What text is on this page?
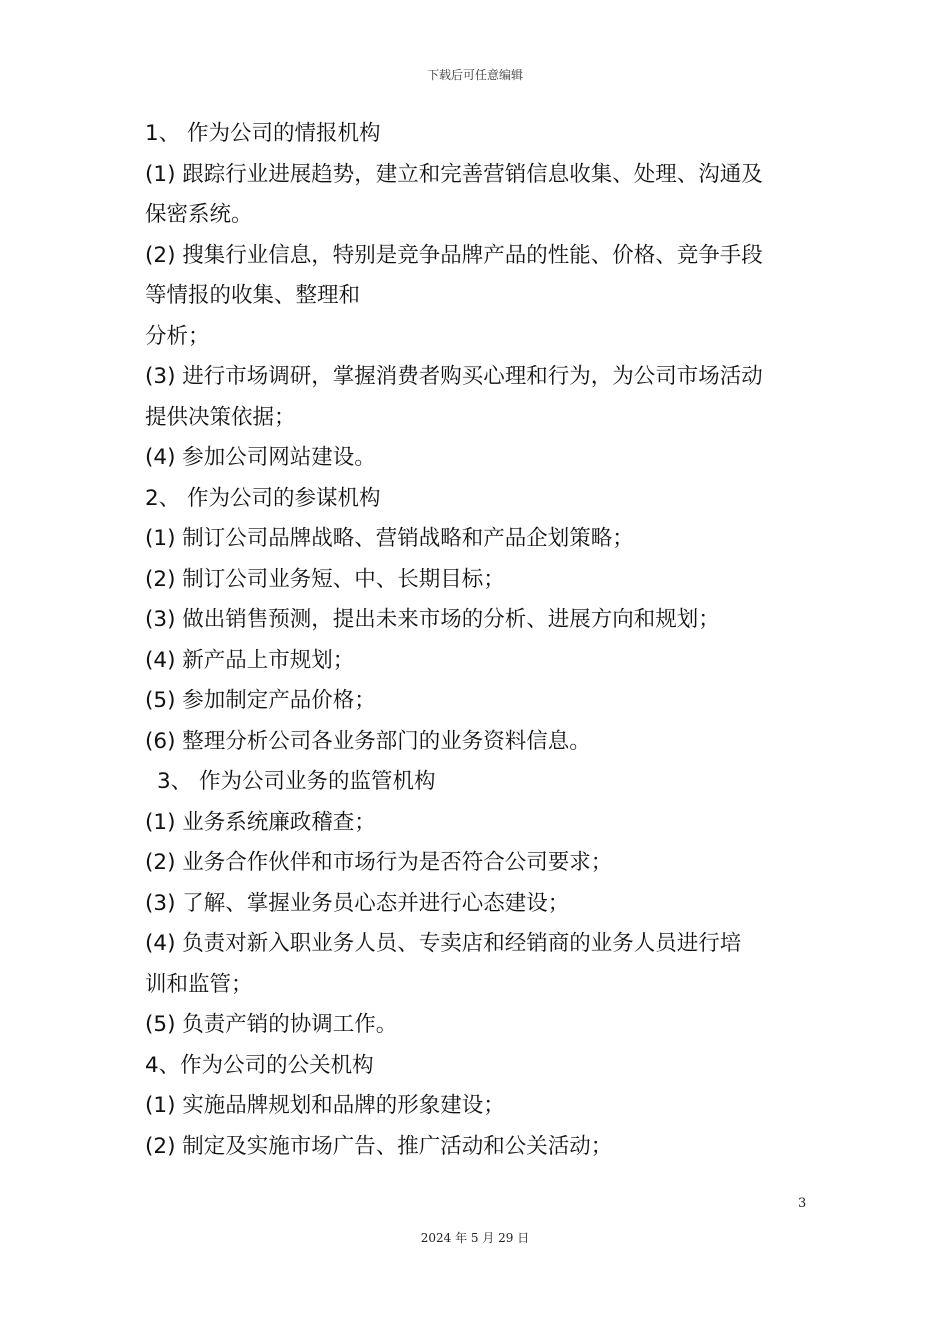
下载后可任意编辑
1、 作为公司的情报机构
(1) 跟踪行业进展趋势，建立和完善营销信息收集、处理、沟通及
保密系统。
(2) 搜集行业信息，特别是竞争品牌产品的性能、价格、竞争手段
等情报的收集、整理和
分析；
(3) 进行市场调研，掌握消费者购买心理和行为，为公司市场活动
提供决策依据；
(4) 参加公司网站建设。
2、 作为公司的参谋机构
(1) 制订公司品牌战略、营销战略和产品企划策略；
(2) 制订公司业务短、中、长期目标；
(3) 做出销售预测，提出未来市场的分析、进展方向和规划；
(4) 新产品上市规划；
(5) 参加制定产品价格；
(6) 整理分析公司各业务部门的业务资料信息。
3、 作为公司业务的监管机构
(1) 业务系统廉政稽查；
(2) 业务合作伙伴和市场行为是否符合公司要求；
(3) 了解、掌握业务员心态并进行心态建设；
(4) 负责对新入职业务人员、专卖店和经销商的业务人员进行培
训和监管；
(5) 负责产销的协调工作。
4、作为公司的公关机构
(1) 实施品牌规划和品牌的形象建设；
(2) 制定及实施市场广告、推广活动和公关活动；
3
2024 年 5 月 29 日
